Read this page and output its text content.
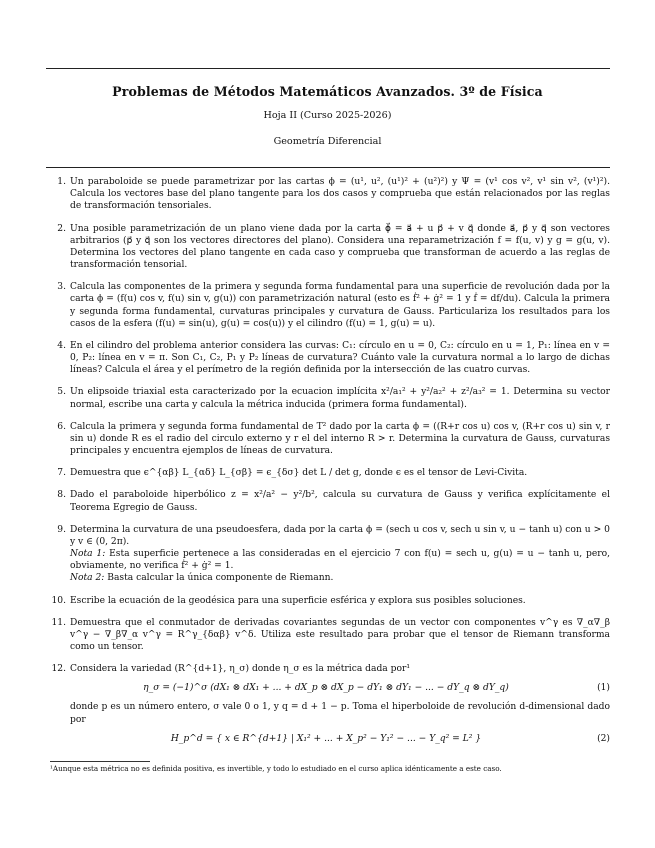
Problemas de Métodos Matemáticos Avanzados. 3º de Física
Hoja II (Curso 2025-2026)
Geometría Diferencial
1 . Un paraboloide se puede parametrizar por las cartas ϕ = (u¹, u², (u¹)² + (u²)²) y Ψ = (v¹ cos v², v¹ sin v², (v¹)²). Calcula los vectores base del plano tangente para los dos casos y comprueba que están relacionados por las reglas de transformación tensoriales.
2 . Una posible parametrización de un plano viene dada por la carta ϕ⃗ = a⃗ + u p⃗ + v q⃗ donde a⃗, p⃗ y q⃗ son vectores arbitrarios (p⃗ y q⃗ son los vectores directores del plano). Considera una reparametrización f = f(u, v) y g = g(u, v). Determina los vectores del plano tangente en cada caso y comprueba que transforman de acuerdo a las reglas de transformación tensorial.
3 . Calcula las componentes de la primera y segunda forma fundamental para una superficie de revolución dada por la carta ϕ = (f(u) cos v, f(u) sin v, g(u)) con parametrización natural (esto es ḟ² + ġ² = 1 y ḟ = df/du). Calcula la primera y segunda forma fundamental, curvaturas principales y curvatura de Gauss. Particulariza los resultados para los casos de la esfera (f(u) = sin(u), g(u) = cos(u)) y el cilindro (f(u) = 1, g(u) = u).
4 . En el cilindro del problema anterior considera las curvas: C₁: círculo en u = 0, C₂: círculo en u = 1, P₁: línea en v = 0, P₂: línea en v = π. Son C₁, C₂, P₁ y P₂ líneas de curvatura? Cuánto vale la curvatura normal a lo largo de dichas líneas? Calcula el área y el perímetro de la región definida por la intersección de las cuatro curvas.
5 . Un elipsoide triaxial esta caracterizado por la ecuacion implícita x²/a₁² + y²/a₂² + z²/a₃² = 1. Determina su vector normal, escribe una carta y calcula la métrica inducida (primera forma fundamental).
6 . Calcula la primera y segunda forma fundamental de T² dado por la carta ϕ = ((R+r cos u) cos v, (R+r cos u) sin v, r sin u) donde R es el radio del circulo externo y r el del interno R > r. Determina la curvatura de Gauss, curvaturas principales y encuentra ejemplos de líneas de curvatura.
7 . Demuestra que ϵ^{αβ} L_{αδ} L_{σβ} = ϵ_{δσ} det L / det g, donde ϵ es el tensor de Levi-Civita.
8 . Dado el paraboloide hiperbólico z = x²/a² − y²/b², calcula su curvatura de Gauss y verifica explícitamente el Teorema Egregio de Gauss.
9 . Determina la curvatura de una pseudoesfera, dada por la carta ϕ = (sech u cos v, sech u sin v, u − tanh u) con u > 0 y v ∈ (0, 2π).
Nota 1: Esta superficie pertenece a las consideradas en el ejercicio 7 con f(u) = sech u, g(u) = u − tanh u, pero, obviamente, no verifica ḟ² + ġ² = 1.
Nota 2: Basta calcular la única componente de Riemann.
10 . Escribe la ecuación de la geodésica para una superficie esférica y explora sus posibles soluciones.
11 . Demuestra que el conmutador de derivadas covariantes segundas de un vector con componentes v^γ es ∇_α∇_β v^γ − ∇_β∇_α v^γ = R^γ_{δαβ} v^δ. Utiliza este resultado para probar que el tensor de Riemann transforma como un tensor.
12 . Considera la variedad (R^{d+1}, η_σ) donde η_σ es la métrica dada por¹
η_σ = (−1)^σ (dX₁ ⊗ dX₁ + ... + dX_p ⊗ dX_p − dY₁ ⊗ dY₁ − ... − dY_q ⊗ dY_q)	(1)
donde p es un número entero, σ vale 0 o 1, y q = d + 1 − p. Toma el hiperboloide de revolución d-dimensional dado por
H_p^d = { x ∈ R^{d+1} | X₁² + ... + X_p² − Y₁² − ... − Y_q² = L² }	(2)
¹Aunque esta métrica no es definida positiva, es invertible, y todo lo estudiado en el curso aplica idénticamente a este caso.
